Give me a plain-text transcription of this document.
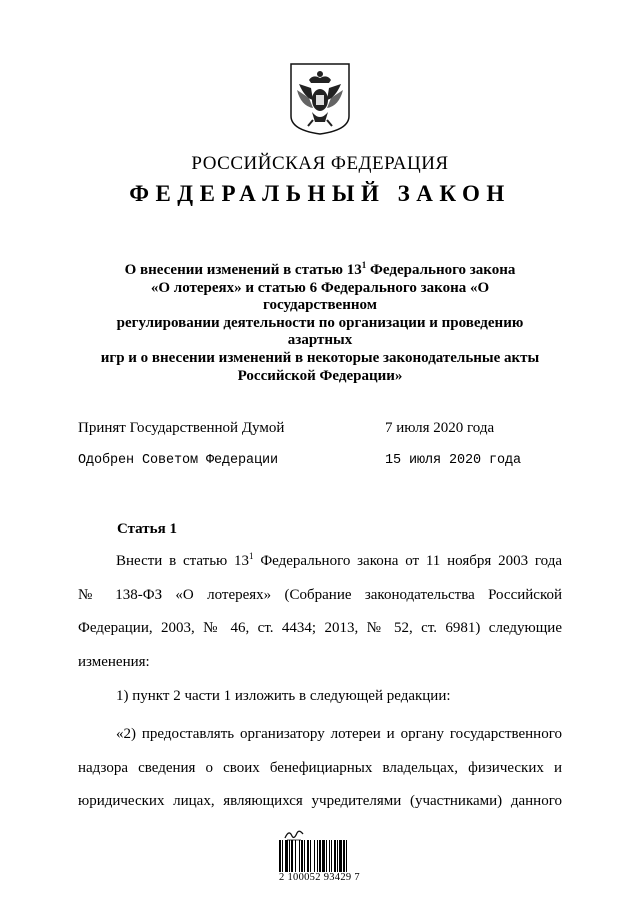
РОССИЙСКАЯ ФЕДЕРАЦИЯ
ФЕДЕРАЛЬНЫЙ ЗАКОН
О внесении изменений в статью $13^1$ Федерального закона
«О лотереях» и статью 6 Федерального закона «О государственном
регулировании деятельности по организации и проведению азартных
игр и о внесении изменений в некоторые законодательные акты
Российской Федерации»
Принят Государственной Думой	7 июля 2020 года
Одобрен Советом Федерации	15 июля 2020 года
Статья 1
Внести в статью $13^1$ Федерального закона от 11 ноября 2003 года
№ 138-ФЗ «О лотереях» (Собрание законодательства Российской
Федерации, 2003, № 46, ст. 4434; 2013, № 52, ст. 6981) следующие
изменения:
1) пункт 2 части 1 изложить в следующей редакции:
«2) предоставлять организатору лотереи и органу государственного
надзора сведения о своих бенефициарных владельцах, физических и
юридических лицах, являющихся учредителями (участниками) данного
2 100052 93429 7
